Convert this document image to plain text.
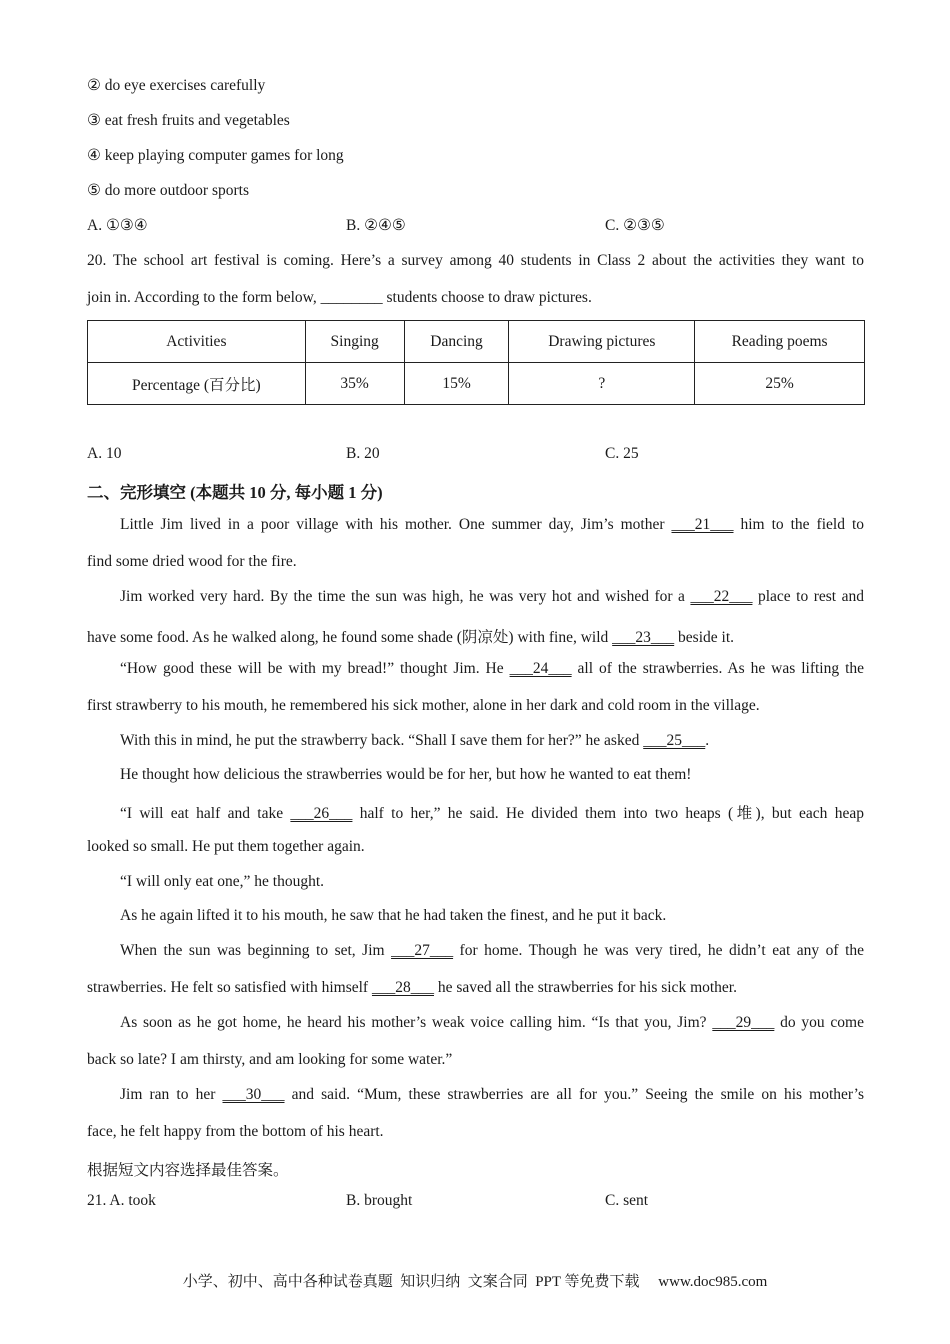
② do eye exercises carefully
③ eat fresh fruits and vegetables
④ keep playing computer games for long
⑤ do more outdoor sports
A. ①③④	B. ②④⑤	C. ②③⑤
20. The school art festival is coming. Here’s a survey among 40 students in Class 2 about the activities they want to
join in. According to the form below, ________ students choose to draw pictures.
Activities	Singing	Dancing	Drawing pictures	Reading poems
Percentage (百分比)	35%	15%	?	25%
A. 10	B. 20	C. 25
二、完形填空 (本题共 10 分, 每小题 1 分)
Little Jim lived in a poor village with his mother. One summer day, Jim’s mother ___21___ him to the field to
find some dried wood for the fire.
Jim worked very hard. By the time the sun was high, he was very hot and wished for a ___22___ place to rest and
have some food. As he walked along, he found some shade (阴凉处) with fine, wild ___23___ beside it.
“How good these will be with my bread!” thought Jim. He ___24___ all of the strawberries. As he was lifting the
first strawberry to his mouth, he remembered his sick mother, alone in her dark and cold room in the village.
With this in mind, he put the strawberry back. “Shall I save them for her?” he asked ___25___.
He thought how delicious the strawberries would be for her, but how he wanted to eat them!
“I will eat half and take ___26___ half to her,” he said. He divided them into two heaps (堆), but each heap
looked so small. He put them together again.
“I will only eat one,” he thought.
As he again lifted it to his mouth, he saw that he had taken the finest, and he put it back.
When the sun was beginning to set, Jim ___27___ for home. Though he was very tired, he didn’t eat any of the
strawberries. He felt so satisfied with himself ___28___ he saved all the strawberries for his sick mother.
As soon as he got home, he heard his mother’s weak voice calling him. “Is that you, Jim? ___29___ do you come
back so late? I am thirsty, and am looking for some water.”
Jim ran to her ___30___ and said. “Mum, these strawberries are all for you.” Seeing the smile on his mother’s
face, he felt happy from the bottom of his heart.
根据短文内容选择最佳答案。
21. A. took	B. brought	C. sent
小学、初中、高中各种试卷真题  知识归纳  文案合同  PPT 等免费下载     www.doc985.com
